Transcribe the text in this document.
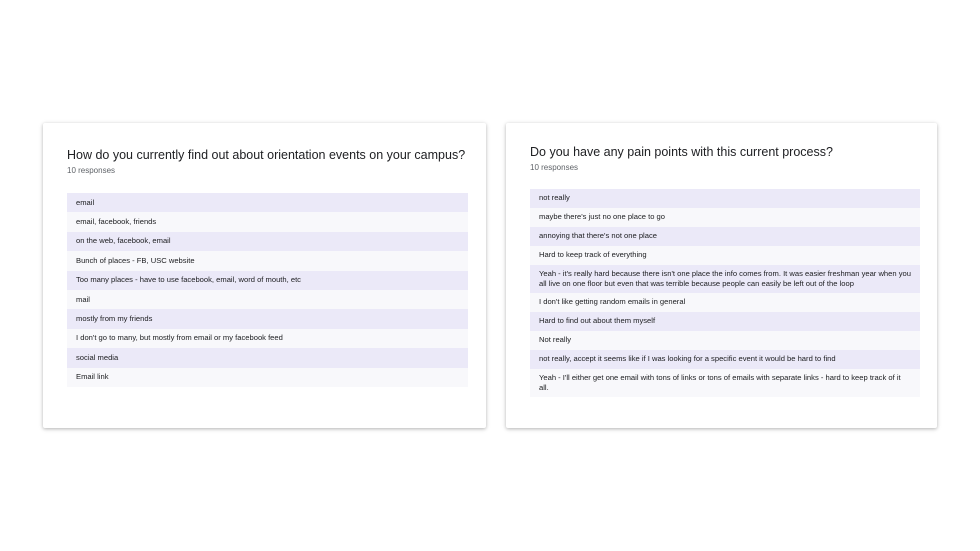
How do you currently find out about orientation events on your campus?
10 responses
email
email, facebook, friends
on the web, facebook, email
Bunch of places - FB, USC website
Too many places - have to use facebook, email, word of mouth, etc
mail
mostly from my friends
I don't go to many, but mostly from email or my facebook feed
social media
Email link
Do you have any pain points with this current process?
10 responses
not really
maybe there's just no one place to go
annoying that there's not one place
Hard to keep track of everything
Yeah - it's really hard because there isn't one place the info comes from. It was easier freshman year when you all live on one floor but even that was terrible because people can easily be left out of the loop
I don't like getting random emails in general
Hard to find out about them myself
Not really
not really, accept it seems like if I was looking for a specific event it would be hard to find
Yeah - I'll either get one email with tons of links or tons of emails with separate links - hard to keep track of it all.
